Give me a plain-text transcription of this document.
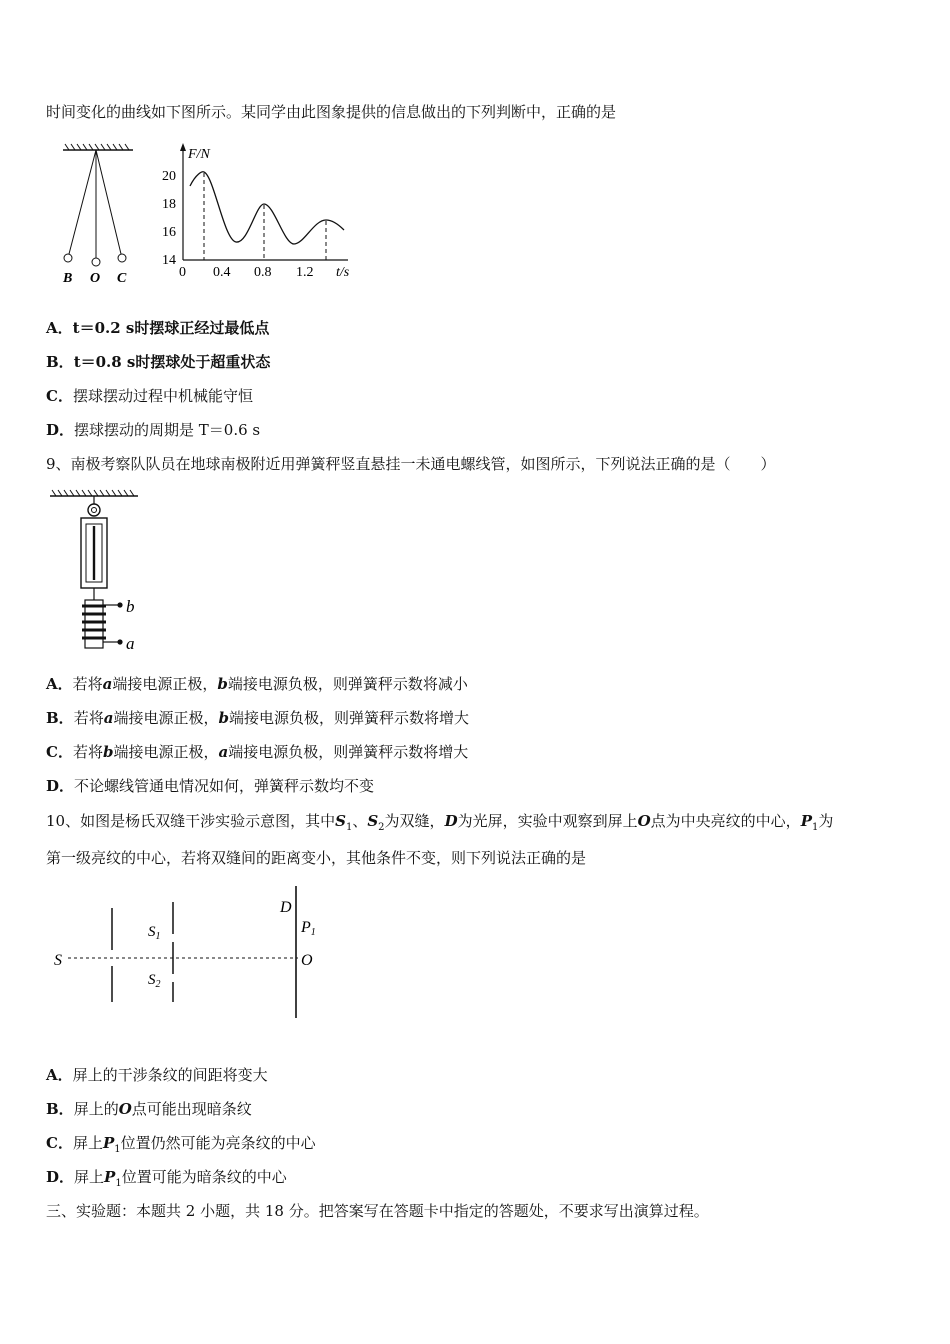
时间变化的曲线如下图所示。某同学由此图象提供的信息做出的下列判断中，正确的是
B O C
F/N
20
18
16
14
0 0.4 0.8 1.2 t/s
A．t＝0.2 s时摆球正经过最低点
B．t＝0.8 s时摆球处于超重状态
C．摆球摆动过程中机械能守恒
D．摆球摆动的周期是 T＝0.6 s
9、南极考察队队员在地球南极附近用弹簧秤竖直悬挂一未通电螺线管，如图所示，下列说法正确的是（　　）
b
a
A．若将a端接电源正极，b端接电源负极，则弹簧秤示数将减小
B．若将a端接电源正极，b端接电源负极，则弹簧秤示数将增大
C．若将b端接电源正极，a端接电源负极，则弹簧秤示数将增大
D．不论螺线管通电情况如何，弹簧秤示数均不变
10、如图是杨氏双缝干涉实验示意图，其中$S_1$、$S_2$为双缝，D为光屏，实验中观察到屏上O点为中央亮纹的中心，$P_1$为
第一级亮纹的中心，若将双缝间的距离变小，其他条件不变，则下列说法正确的是
S
$S_1$
$S_2$
D
P1
O
A．屏上的干涉条纹的间距将变大
B．屏上的O点可能出现暗条纹
C．屏上$P_1$位置仍然可能为亮条纹的中心
D．屏上$P_1$位置可能为暗条纹的中心
三、实验题：本题共 2 小题，共 18 分。把答案写在答题卡中指定的答题处，不要求写出演算过程。
